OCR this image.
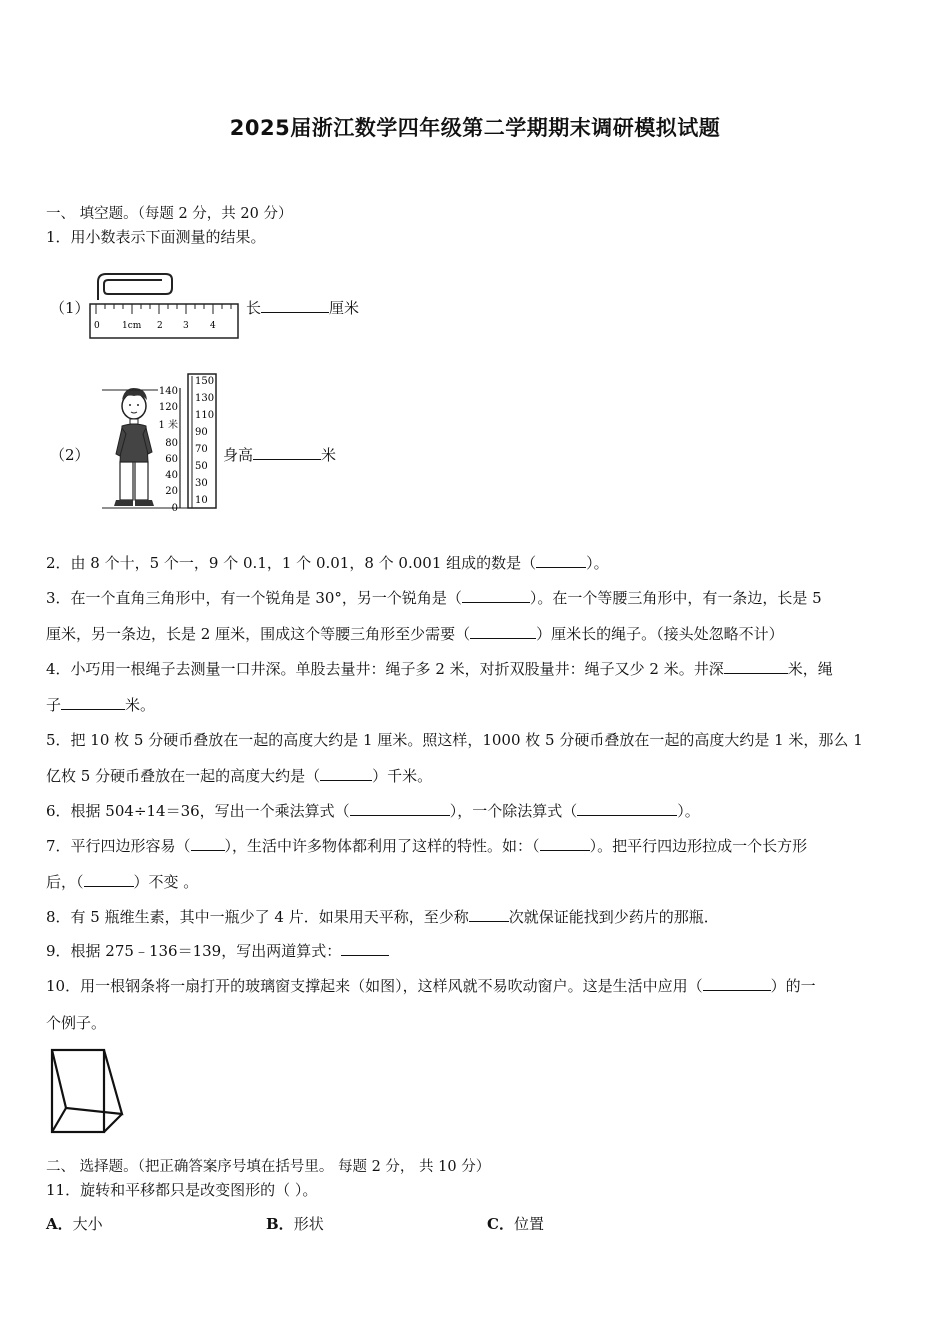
2025届浙江数学四年级第二学期期末调研模拟试题
一、 填空题。（每题 2 分，共 20 分）
1．用小数表示下面测量的结果。
（1）
0 1cm 2 3 4
长	厘米
（2）
140
120
1 米
80
60
40
20
0
150
130
110
90
70
50
30
10
身高	米
2．由 8 个十，5 个一，9 个 0.1，1 个 0.01，8 个 0.001 组成的数是（	）。
3．在一个直角三角形中，有一个锐角是 30°，另一个锐角是（	）。在一个等腰三角形中，有一条边，长是 5
厘米，另一条边，长是 2 厘米，围成这个等腰三角形至少需要（	）厘米长的绳子。（接头处忽略不计）
4．小巧用一根绳子去测量一口井深。单股去量井：绳子多 2 米，对折双股量井：绳子又少 2 米。井深	米，绳
子	米。
5．把 10 枚 5 分硬币叠放在一起的高度大约是 1 厘米。照这样，1000 枚 5 分硬币叠放在一起的高度大约是 1 米，那么 1
亿枚 5 分硬币叠放在一起的高度大约是（	）千米。
6．根据 504÷14＝36，写出一个乘法算式（	），一个除法算式（	）。
7．平行四边形容易（ ），生活中许多物体都利用了这样的特性。如：（	）。把平行四边形拉成一个长方形
后，（	）不变 。
8．有 5 瓶维生素，其中一瓶少了 4 片．如果用天平称，至少称	次就保证能找到少药片的那瓶．
9．根据 275﹣136＝139，写出两道算式：
10．用一根钢条将一扇打开的玻璃窗支撑起来（如图），这样风就不易吹动窗户。这是生活中应用（	）的一
个例子。
二、 选择题。（把正确答案序号填在括号里。 每题 2 分， 共 10 分）
11．旋转和平移都只是改变图形的（ ）。
A．大小	B．形状	C．位置
